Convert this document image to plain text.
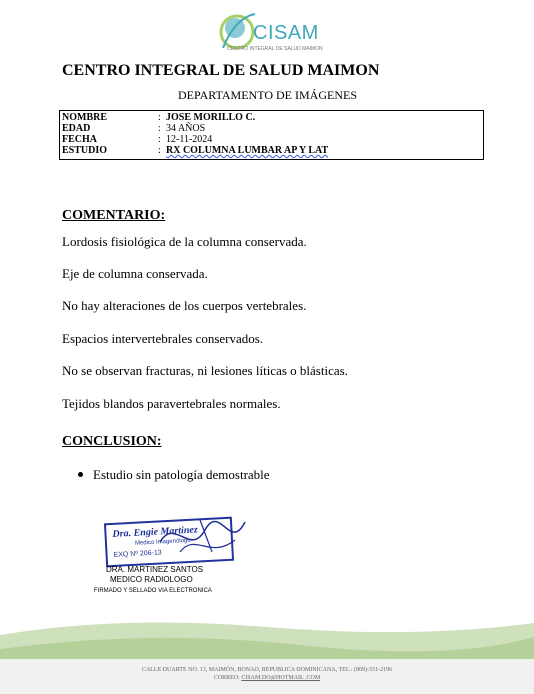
CISAM
CENTRO INTEGRAL DE SALUD MAIMON
CENTRO INTEGRAL DE SALUD MAIMON
DEPARTAMENTO DE IMÁGENES
NOMBRE	: JOSE MORILLO C.
EDAD	: 34 AÑOS
FECHA	: 12-11-2024
ESTUDIO	: RX COLUMNA LUMBAR AP Y LAT
COMENTARIO:
Lordosis fisiológica de la columna conservada.
Eje de columna conservada.
No hay alteraciones de los cuerpos vertebrales.
Espacios intervertebrales conservados.
No se observan fracturas, ni lesiones líticas o blásticas.
Tejidos blandos paravertebrales normales.
CONCLUSION:
Estudio sin patología demostrable
Dra. Engie Martinez
Medico Imagenólogo
EXQ Nº 206-13
DRA. MARTINEZ SANTOS
MEDICO RADIOLOGO
FIRMADO Y SELLADO VIA ELECTRONICA
CALLE DUARTE NO. 13, MAIMÓN, BONAO, REPUBLICA DOMINICANA, TEL.: (809)-551-2196
CORREO: CISAM.DO@HOTMAIL .COM
